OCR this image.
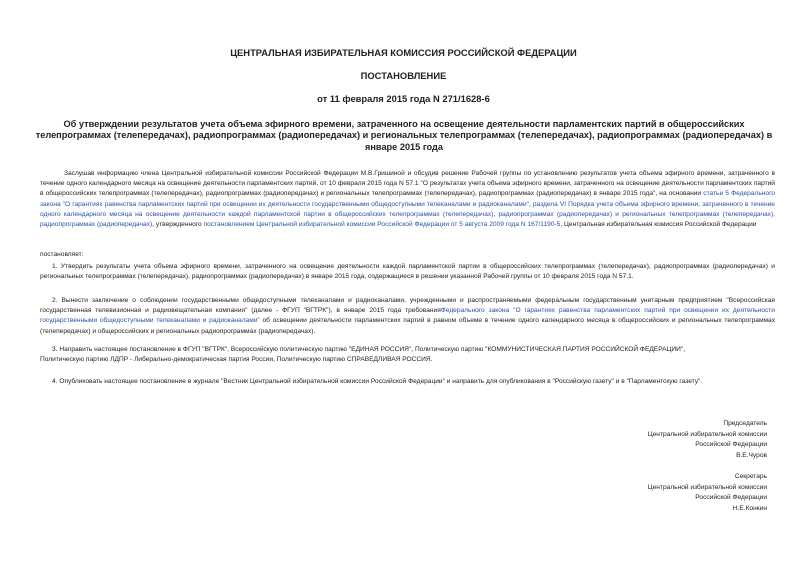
ЦЕНТРАЛЬНАЯ ИЗБИРАТЕЛЬНАЯ КОМИССИЯ РОССИЙСКОЙ ФЕДЕРАЦИИ
ПОСТАНОВЛЕНИЕ
от 11 февраля 2015 года N 271/1628-6
Об утверждении результатов учета объема эфирного времени, затраченного на освещение деятельности парламентских партий в общероссийских телепрограммах (телепередачах), радиопрограммах (радиопередачах) и региональных телепрограммах (телепередачах), радиопрограммах (радиопередачах) в январе 2015 года
Заслушав информацию члена Центральной избирательной комиссии Российской Федерации М.В.Гришиной и обсудив решение Рабочей группы по установлению результатов учета объема эфирного времени, затраченного в течение одного календарного месяца на освещение деятельности парламентских партий, от 10 февраля 2015 года N 57.1 "О результатах учета объема эфирного времени, затраченного на освещение деятельности парламентских партий в общероссийских телепрограммах (телепередачах), радиопрограммах (радиопередачах) и региональных телепрограммах (телепередачах), радиопрограммах (радиопередачах) в январе 2015 года", на основании статьи 5 Федерального закона "О гарантиях равенства парламентских партий при освещении их деятельности государственными общедоступными телеканалами и радиоканалами", раздела VI Порядка учета объема эфирного времени, затраченного в течение одного календарного месяца на освещение деятельности каждой парламентской партии в общероссийских телепрограммах (телепередачах), радиопрограммах (радиопередачах) и региональных телепрограммах (телепередачах), радиопрограммах (радиопередачах), утвержденного постановлением Центральной избирательной комиссии Российской Федерации от 5 августа 2009 года N 167/1190-5, Центральная избирательная комиссия Российской Федерации
постановляет:
1. Утвердить результаты учета объема эфирного времени, затраченного на освещение деятельности каждой парламентской партии в общероссийских телепрограммах (телепередачах), радиопрограммах (радиопередачах) и региональных телепрограммах (телепередачах), радиопрограммах (радиопередачах) в январе 2015 года, содержащиеся в решении указанной Рабочей группы от 10 февраля 2015 года N 57.1.
2. Вынести заключение о соблюдении государственными общедоступными телеканалами и радиоканалами, учрежденными и распространяемыми федеральным государственным унитарным предприятием "Всероссийская государственная телевизионная и радиовещательная компания" (далее - ФГУП "ВГТРК"), в январе 2015 года требованияФедерального закона "О гарантиях равенства парламентских партий при освещении их деятельности государственными общедоступными телеканалами и радиоканалами" об освещении деятельности парламентских партий в равном объеме в течение одного календарного месяца в общероссийских и региональных телепрограммах (телепередачах) и общероссийских и региональных радиопрограммах (радиопередачах).
3. Направить настоящее постановление в ФГУП "ВГТРК", Всероссийскую политическую партию "ЕДИНАЯ РОССИЯ", Политическую партию "КОММУНИСТИЧЕСКАЯ ПАРТИЯ РОССИЙСКОЙ ФЕДЕРАЦИИ",
Политическую партию ЛДПР - Либерально-демократическая партия России, Политическую партию СПРАВЕДЛИВАЯ РОССИЯ.
4. Опубликовать настоящее постановление в журнале "Вестник Центральной избирательной комиссии Российской Федерации" и направить для опубликования в "Российскую газету" и в "Парламентскую газету".
Председатель
Центральной избирательной комиссии
Российской Федерации
В.Е.Чуров
Секретарь
Центральной избирательной комиссии
Российской Федерации
Н.Е.Конкин
